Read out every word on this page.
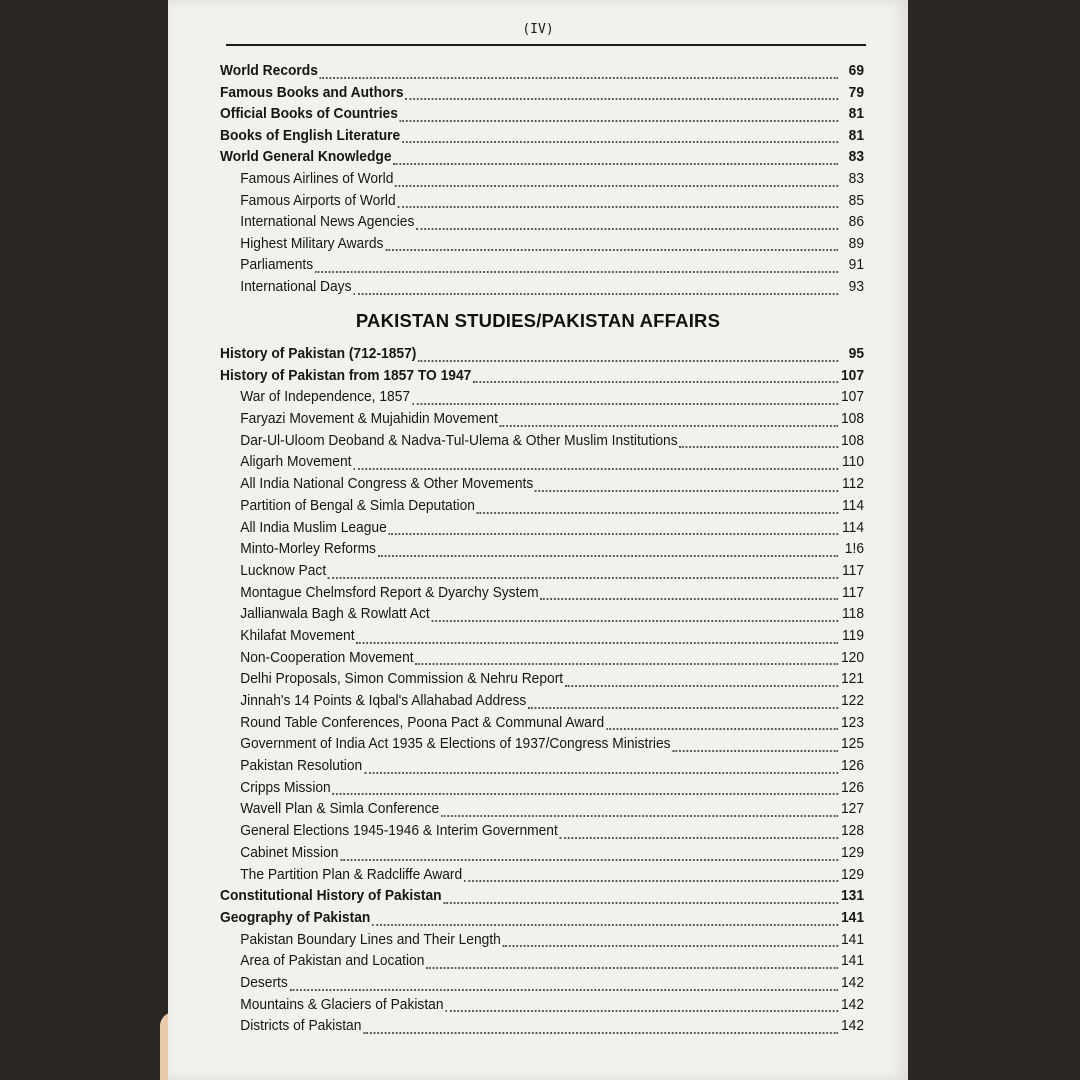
(IV)
World Records	69
Famous Books and Authors	79
Official Books of Countries	81
Books of English Literature	81
World General Knowledge	83
Famous Airlines of World	83
Famous Airports of World	85
International News Agencies	86
Highest Military Awards	89
Parliaments	91
International Days	93
PAKISTAN STUDIES/PAKISTAN AFFAIRS
History of Pakistan (712-1857)	95
History of Pakistan from 1857 TO 1947	107
War of Independence, 1857	107
Faryazi Movement & Mujahidin Movement	108
Dar-Ul-Uloom Deoband & Nadva-Tul-Ulema & Other Muslim Institutions	108
Aligarh Movement	110
All India National Congress & Other Movements	112
Partition of Bengal & Simla Deputation	114
All India Muslim League	114
Minto-Morley Reforms	1!6
Lucknow Pact	117
Montague Chelmsford Report & Dyarchy System	117
Jallianwala Bagh & Rowlatt Act	118
Khilafat Movement	119
Non-Cooperation Movement	120
Delhi Proposals, Simon Commission & Nehru Report	121
Jinnah's 14 Points & Iqbal's Allahabad Address	122
Round Table Conferences, Poona Pact & Communal Award	123
Government of India Act 1935 & Elections of 1937/Congress Ministries	125
Pakistan Resolution	126
Cripps Mission	126
Wavell Plan & Simla Conference	127
General Elections 1945-1946 & Interim Government	128
Cabinet Mission	129
The Partition Plan & Radcliffe Award	129
Constitutional History of Pakistan	131
Geography of Pakistan	141
Pakistan Boundary Lines and Their Length	141
Area of Pakistan and Location	141
Deserts	142
Mountains & Glaciers of Pakistan	142
Districts of Pakistan	142
